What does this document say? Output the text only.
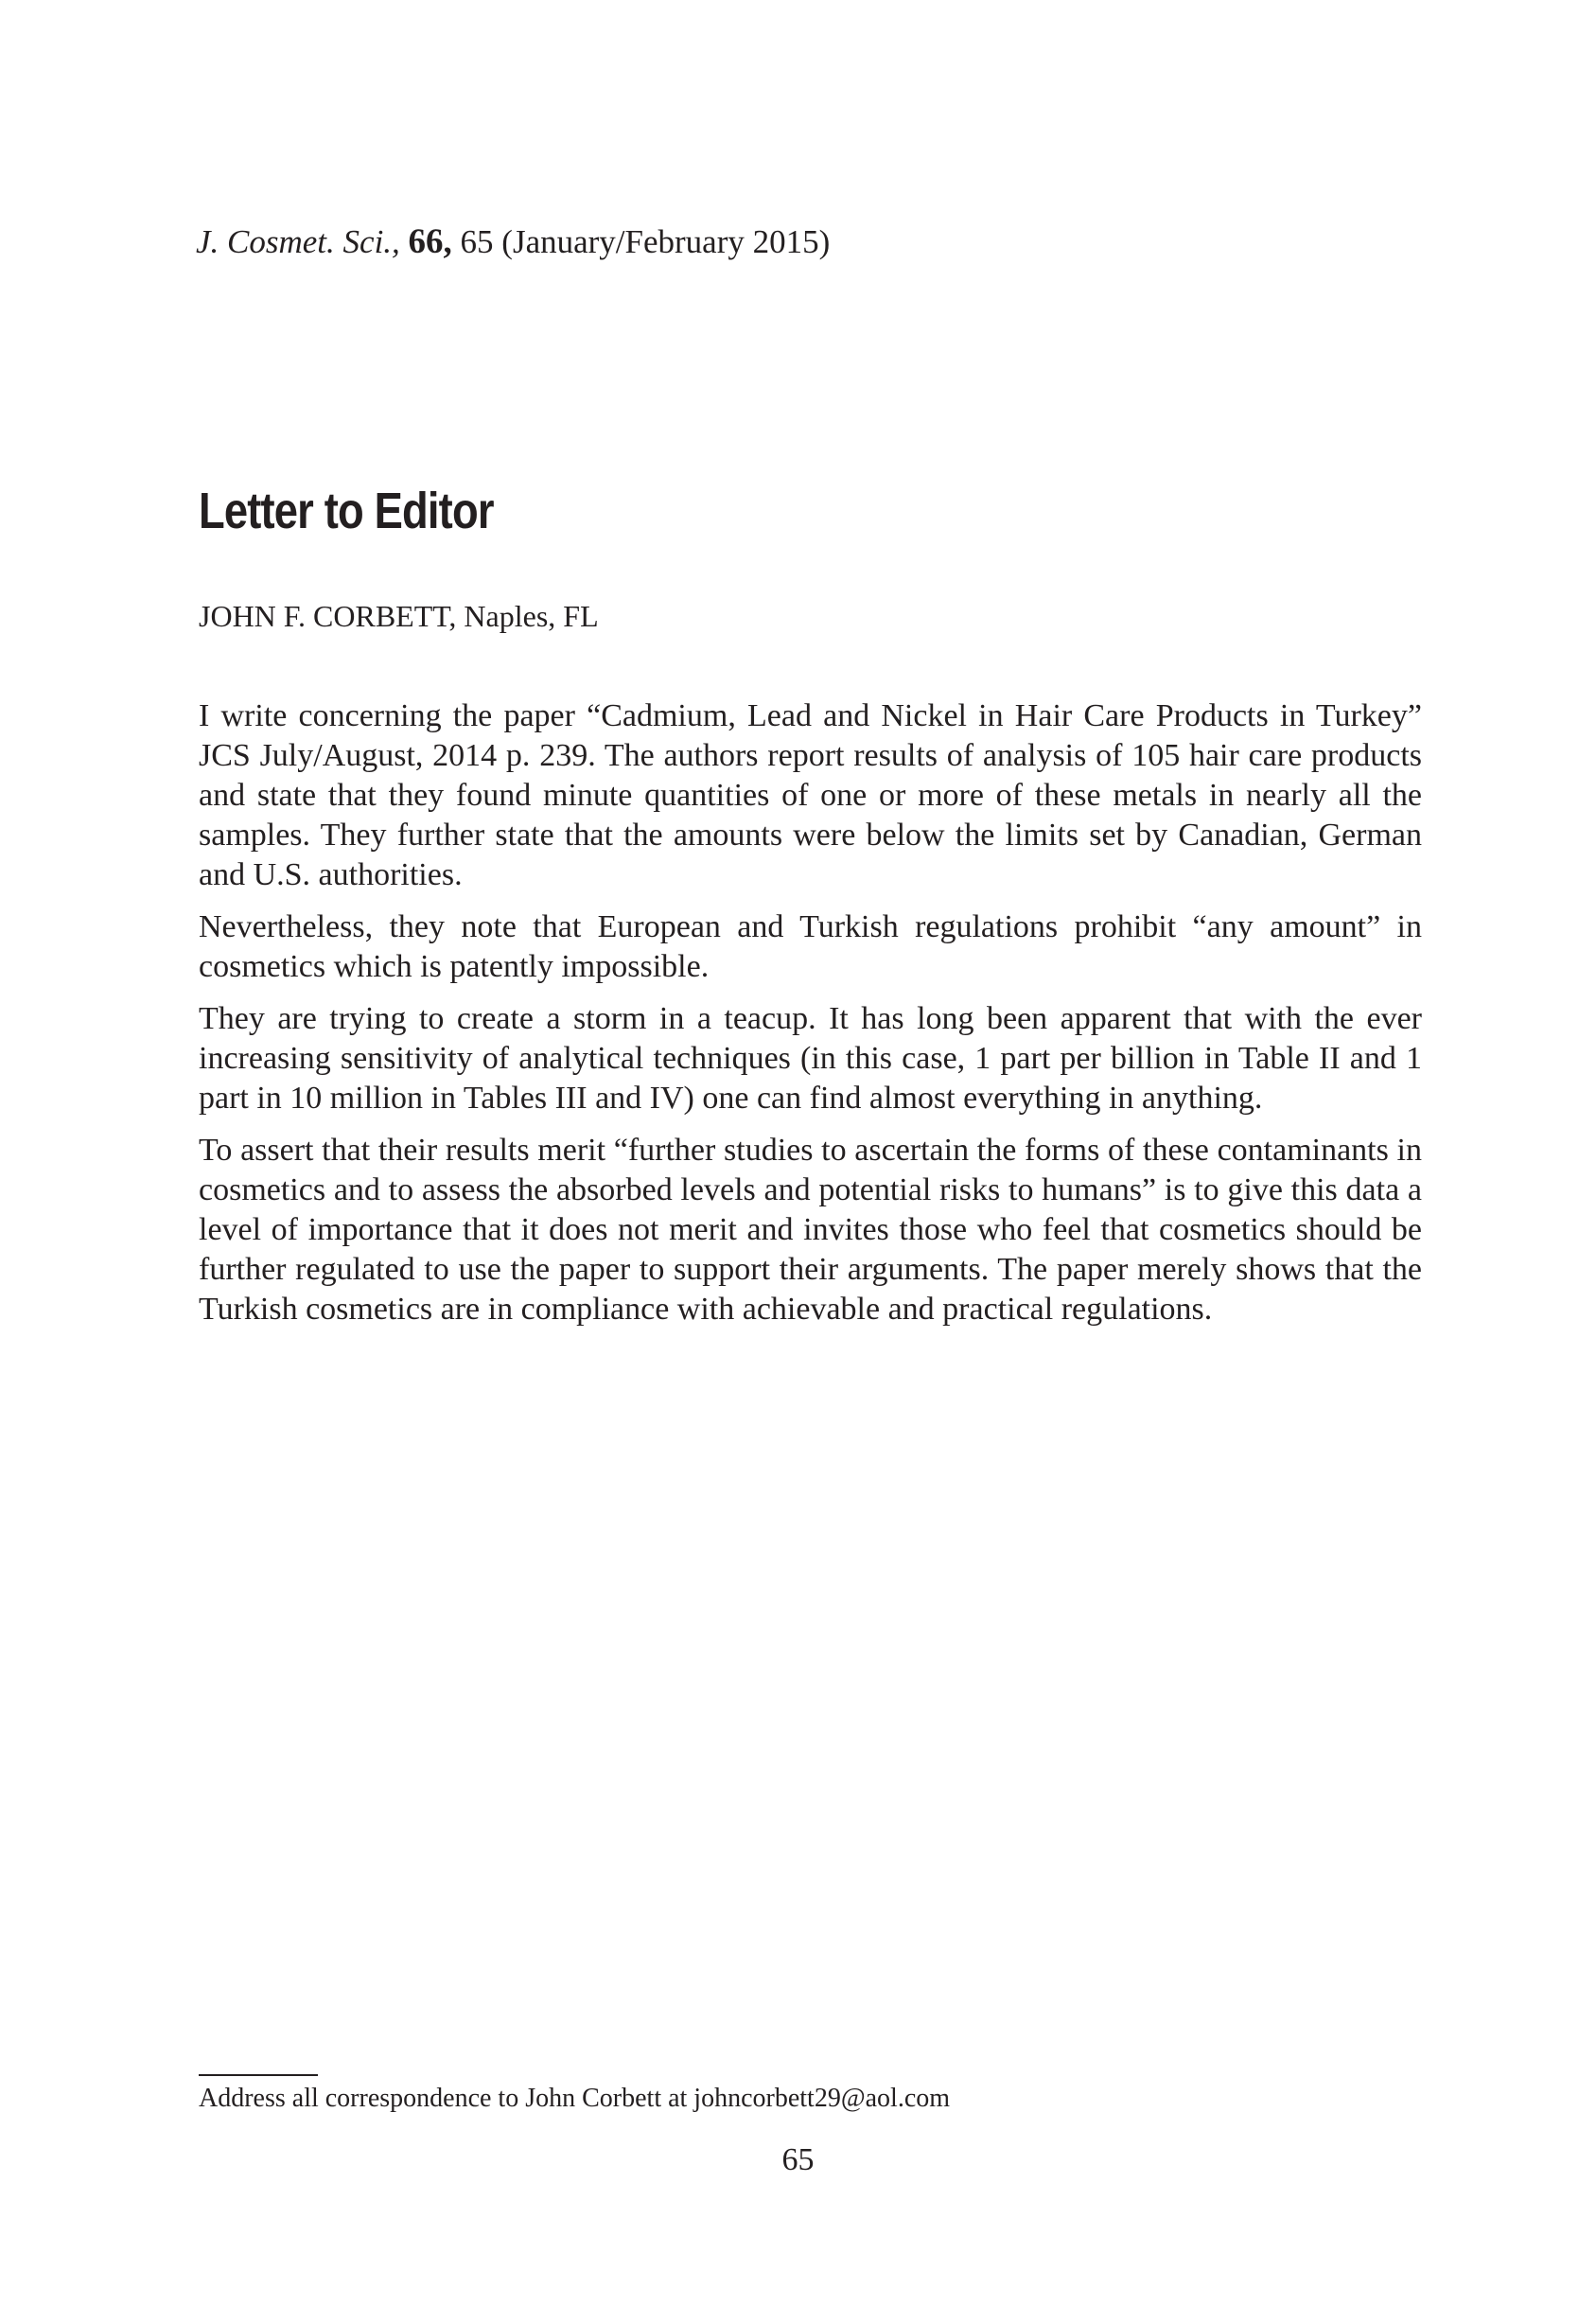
J. Cosmet. Sci., 66, 65 (January/February 2015)
Letter to Editor
JOHN F. CORBETT, Naples, FL

I write concerning the paper “Cadmium, Lead and Nickel in Hair Care Products in Turkey” JCS July/August, 2014 p. 239. The authors report results of analysis of 105 hair care products and state that they found minute quantities of one or more of these metals in nearly all the samples. They further state that the amounts were below the limits set by Canadian, German and U.S. authorities.

Nevertheless, they note that European and Turkish regulations prohibit “any amount” in cosmetics which is patently impossible.

They are trying to create a storm in a teacup. It has long been apparent that with the ever increasing sensitivity of analytical techniques (in this case, 1 part per billion in Table II and 1 part in 10 million in Tables III and IV) one can find almost everything in anything.

To assert that their results merit “further studies to ascertain the forms of these contaminants in cosmetics and to assess the absorbed levels and potential risks to humans” is to give this data a level of importance that it does not merit and invites those who feel that cosmetics should be further regulated to use the paper to support their arguments. The paper merely shows that the Turkish cosmetics are in compliance with achievable and practical regulations.

Address all correspondence to John Corbett at johncorbett29@aol.com
65
